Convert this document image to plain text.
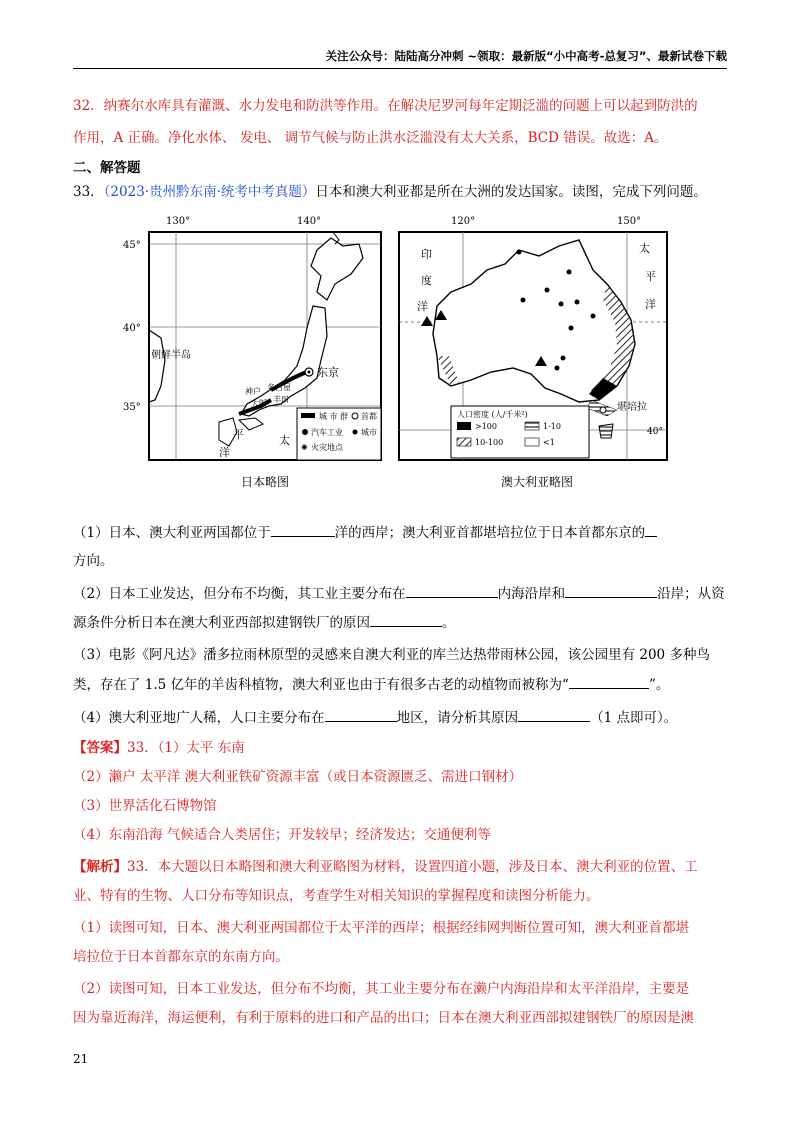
关注公众号：陆陆高分冲刺 ~领取：最新版“小中高考-总复习”、最新试卷下载
32．纳赛尔水库具有灌溉、水力发电和防洪等作用。在解决尼罗河每年定期泛滥的问题上可以起到防洪的
作用，A 正确。净化水体、 发电、 调节气候与防止洪水泛滥没有太大关系，BCD 错误。故选：A。
二、解答题
33．（2023·贵州黔东南·统考中考真题）日本和澳大利亚都是所在大洲的发达国家。读图，完成下列问题。
130°	140°
45°
40°
35°
东京
朝鲜半岛
太
平
洋
神户 名古屋
丰田
大阪
城 市 群 首都
汽车工业 城市
✺ 火灾地点
日本略图
120°	150°
40°
印
度
洋
太
平
洋
堪培拉
人口密度 (人/千米²)
>100	1-10
10-100	<1
澳大利亚略图
（1）日本、澳大利亚两国都位于	洋的西岸；澳大利亚首都堪培拉位于日本首都东京的
方向。
（2）日本工业发达，但分布不均衡，其工业主要分布在	内海沿岸和	沿岸；从资
源条件分析日本在澳大利亚西部拟建钢铁厂的原因	。
（3）电影《阿凡达》潘多拉雨林原型的灵感来自澳大利亚的库兰达热带雨林公园，该公园里有 200 多种鸟
类，存在了 1.5 亿年的羊齿科植物，澳大利亚也由于有很多古老的动植物而被称为“	”。
（4）澳大利亚地广人稀，人口主要分布在	地区，请分析其原因	（1 点即可）。
【答案】33．（1）太平 东南
（2）濑户 太平洋 澳大利亚铁矿资源丰富（或日本资源匮乏、需进口钢材）
（3）世界活化石博物馆
（4）东南沿海 气候适合人类居住；开发较早；经济发达；交通便利等
【解析】33．本大题以日本略图和澳大利亚略图为材料，设置四道小题，涉及日本、澳大利亚的位置、工
业、特有的生物、人口分布等知识点，考查学生对相关知识的掌握程度和读图分析能力。
（1）读图可知，日本、澳大利亚两国都位于太平洋的西岸；根据经纬网判断位置可知，澳大利亚首都堪
培拉位于日本首都东京的东南方向。
（2）读图可知，日本工业发达，但分布不均衡，其工业主要分布在濑户内海沿岸和太平洋沿岸，主要是
因为靠近海洋，海运便利，有利于原料的进口和产品的出口；日本在澳大利亚西部拟建钢铁厂的原因是澳
21
